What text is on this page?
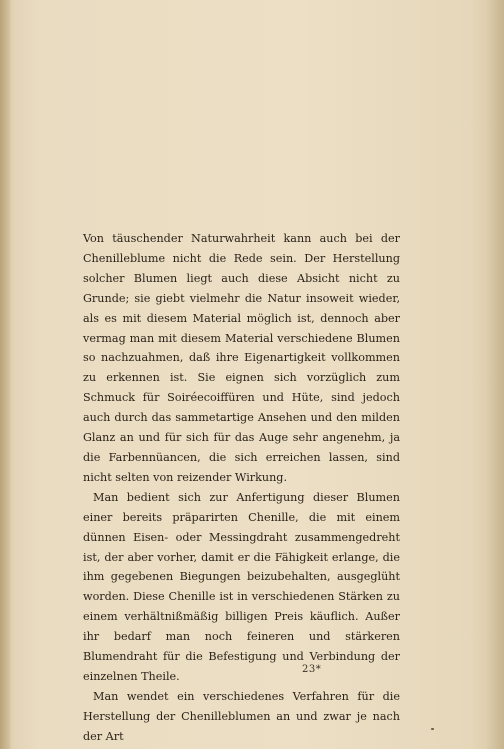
Von täuschender Naturwahrheit kann auch bei der Chenilleblume nicht die Rede sein. Der Herstellung solcher Blumen liegt auch diese Absicht nicht zu Grunde; sie giebt vielmehr die Natur insoweit wieder, als es mit diesem Material möglich ist, dennoch aber vermag man mit diesem Material verschiedene Blumen so nachzuahmen, daß ihre Eigenartigkeit vollkommen zu erkennen ist. Sie eignen sich vorzüglich zum Schmuck für Soiréecoiffüren und Hüte, sind jedoch auch durch das sammetartige Ansehen und den milden Glanz an und für sich für das Auge sehr angenehm, ja die Farbennüancen, die sich erreichen lassen, sind nicht selten von reizender Wirkung.

Man bedient sich zur Anfertigung dieser Blumen einer bereits präparirten Chenille, die mit einem dünnen Eisen- oder Messingdraht zusammengedreht ist, der aber vorher, damit er die Fähigkeit erlange, die ihm gegebenen Biegungen beizubehalten, ausgeglüht worden. Diese Chenille ist in verschiedenen Stärken zu einem verhältnißmäßig billigen Preis käuflich. Außer ihr bedarf man noch feineren und stärkeren Blumendraht für die Befestigung und Verbindung der einzelnen Theile.

Man wendet ein verschiedenes Verfahren für die Herstellung der Chenilleblumen an und zwar je nach der Art

23*
